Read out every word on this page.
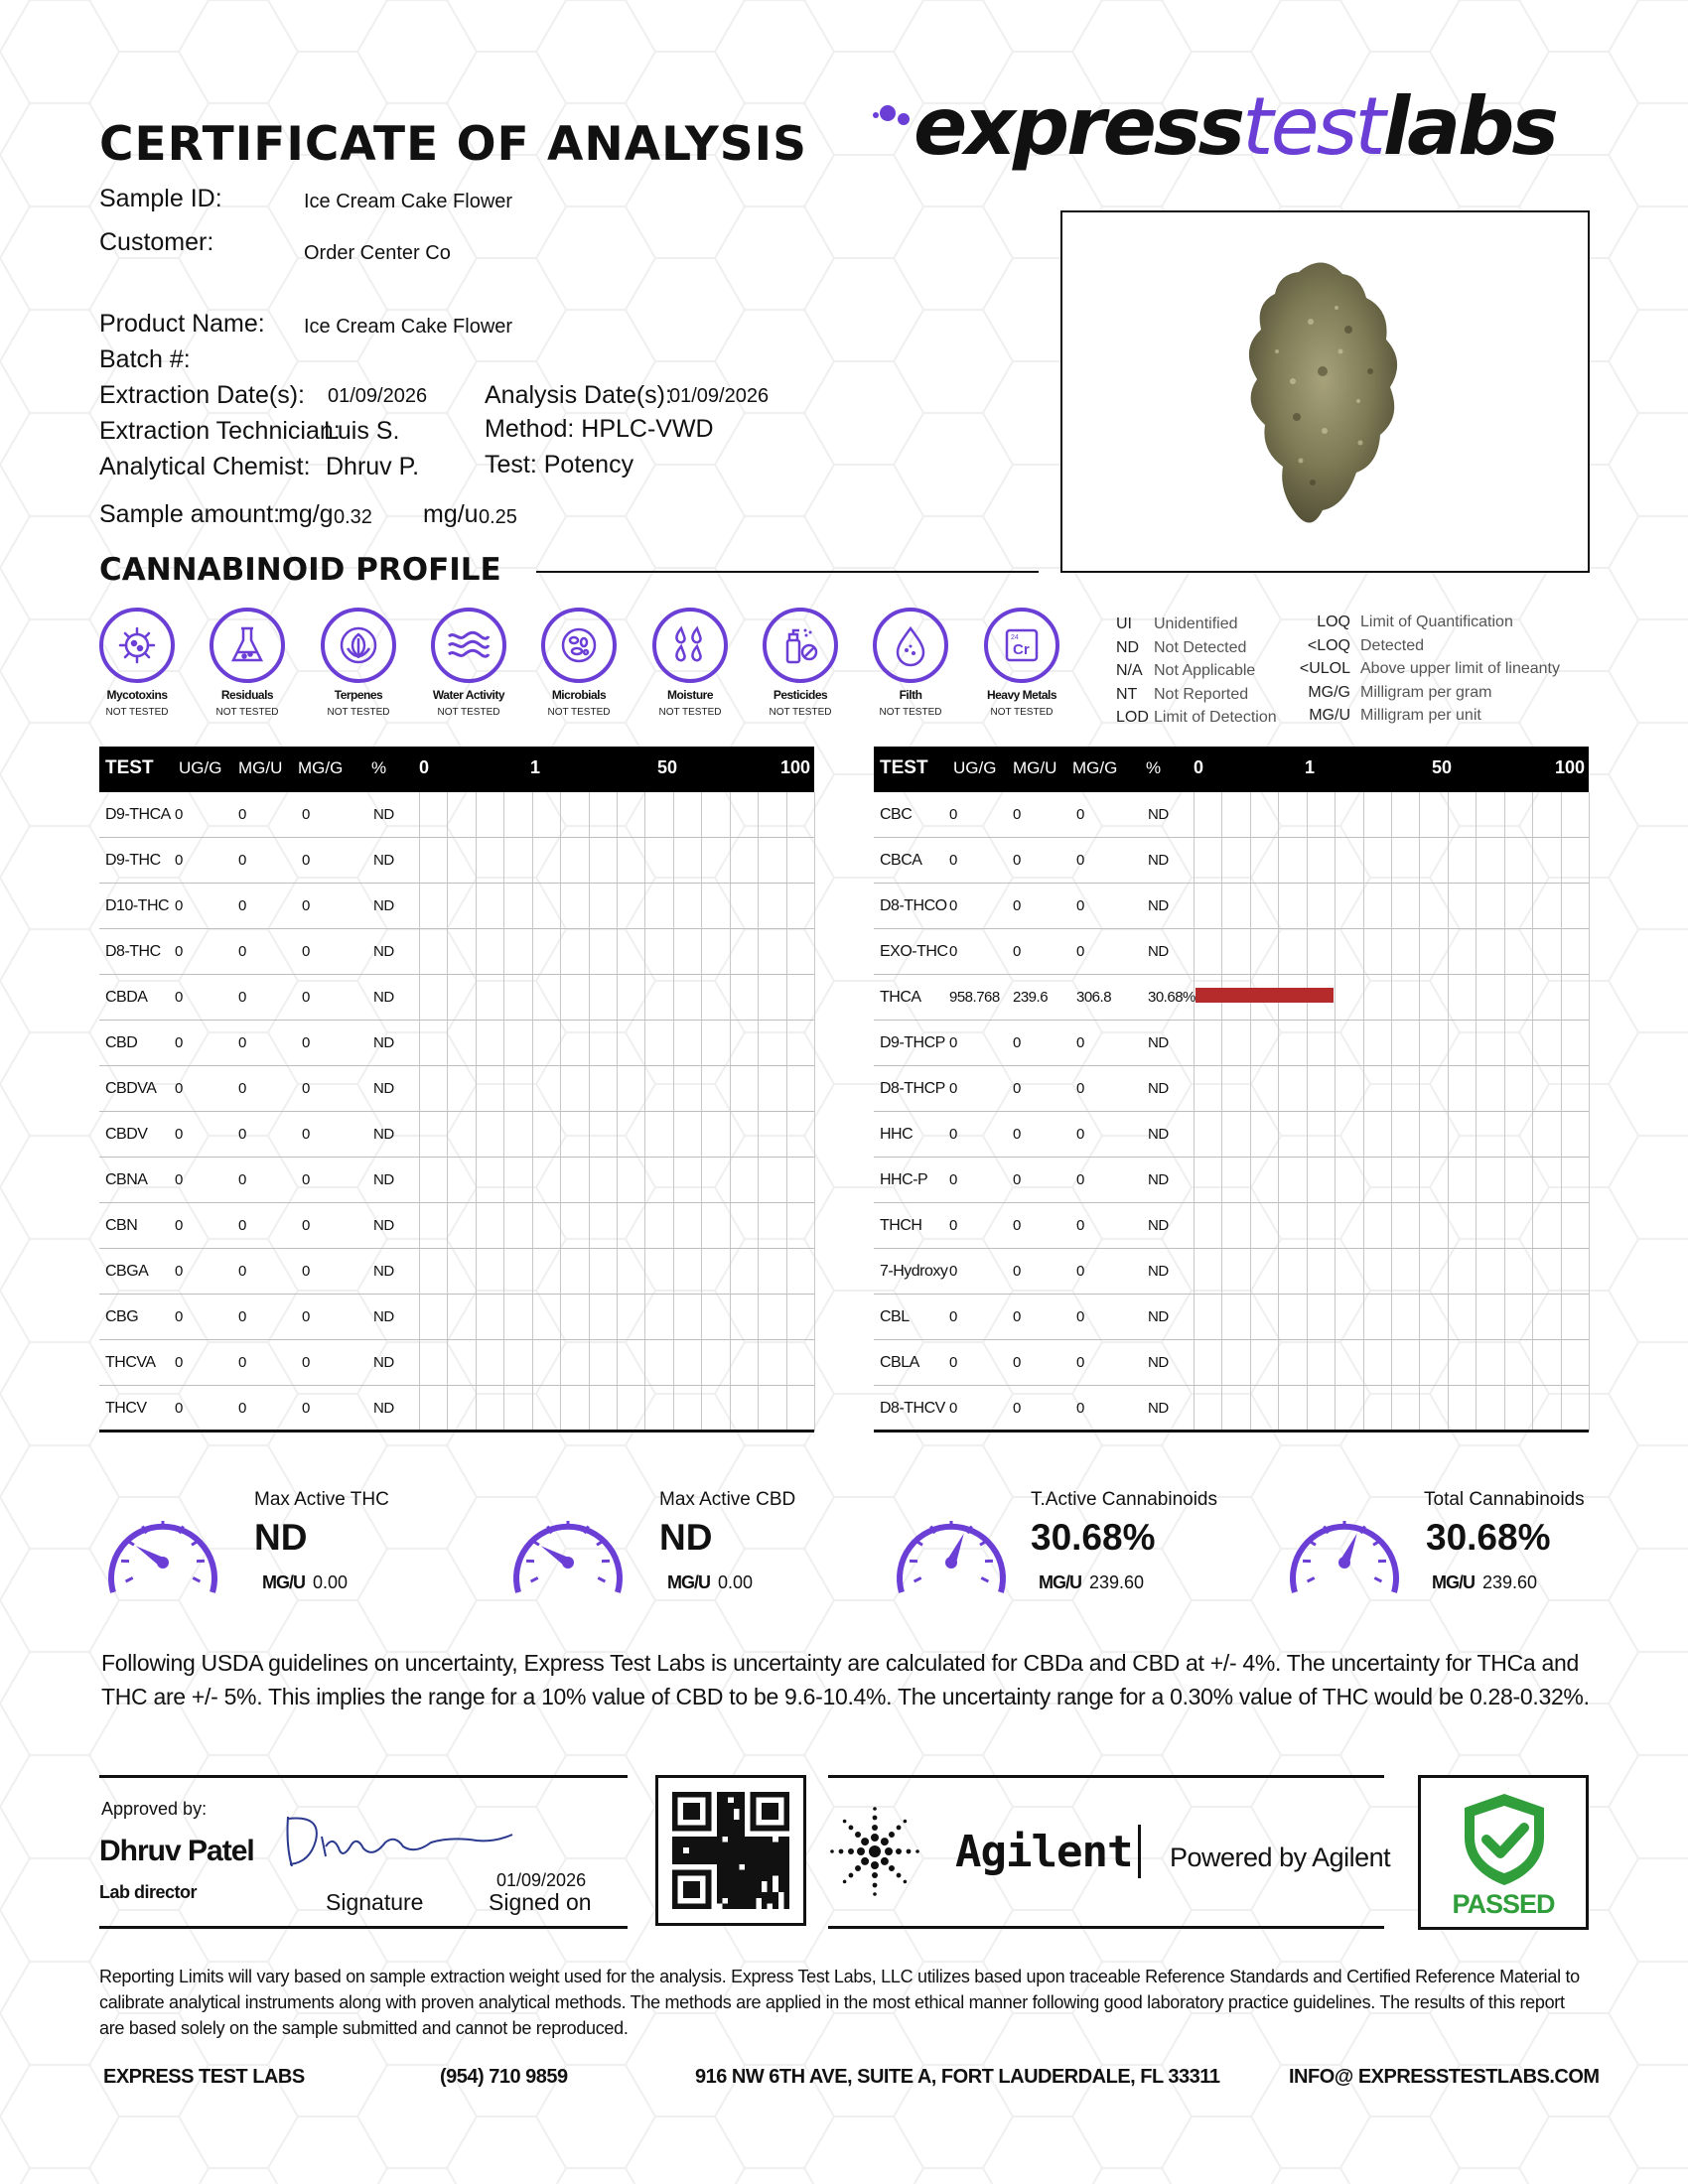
CERTIFICATE OF ANALYSIS expresstestlabs
Sample ID:	Ice Cream Cake Flower
Customer:	Order Center Co
Product Name: Ice Cream Cake Flower
Batch #:
Extraction Date(s): 01/09/2026 Analysis Date(s):
01/09/2026
Extraction Technician:
Luis S.	Method: HPLC-VWD
Analytical Chemist: Dhruv P.	Test: Potency
Sample amount:
mg/g 0.32 mg/u 0.25
CANNABINOID PROFILE
Mycotoxins
NOT TESTED
Residuals
NOT TESTED
Terpenes
NOT TESTED
Water Activity
NOT TESTED
Microbials
NOT TESTED
Moisture
NOT TESTED
Pesticides
NOT TESTED
Filth
NOT TESTED
24
Cr
Heavy Metals
NOT TESTED
UI Unidentified
ND Not Detected
N/A Not Applicable
NT Not Reported
LOD Limit of Detection
LOQ Limit of Quantification
<LOQ Detected
<ULOL Above upper limit of lineanty
MG/G Milligram per gram
MG/U Milligram per unit
TEST UG/G MG/U MG/G % 0	1	50	100
D9-THCA 0	0	0	ND
D9-THC 0	0	0	ND
D10-THC 0	0	0	ND
D8-THC 0	0	0	ND
CBDA 0	0	0	ND
CBD	0	0	0	ND
CBDVA 0	0	0	ND
CBDV 0	0	0	ND
CBNA 0	0	0	ND
CBN	0	0	0	ND
CBGA 0	0	0	ND
CBG 0	0	0	ND
THCVA 0	0	0	ND
THCV 0	0	0	ND
TEST UG/G MG/U MG/G % 0	1	50	100
CBC	0	0	0	ND
CBCA 0	0	0	ND
D8-THCO 0	0	0	ND
EXO-THC 0	0	0	ND
THCA 958.768 239.6 306.8 30.68%
D9-THCP 0	0	0	ND
D8-THCP 0	0	0	ND
HHC 0	0	0	ND
HHC-P 0	0	0	ND
THCH 0	0	0	ND
7-Hydroxy 0	0	0	ND
CBL	0	0	0	ND
CBLA 0	0	0	ND
D8-THCV 0	0	0	ND
Max Active THC
ND
MG/U 0.00
Max Active CBD
ND
MG/U 0.00
T.Active Cannabinoids
30.68%
MG/U 239.60
Total Cannabinoids
30.68%
MG/U 239.60
Following USDA guidelines on uncertainty, Express Test Labs is uncertainty are calculated for CBDa and CBD at +/- 4%. The uncertainty for THCa and THC are +/- 5%. This implies the range for a 10% value of CBD to be 9.6-10.4%. The uncertainty range for a 0.30% value of THC would be 0.28-0.32%.
Approved by:
Dhruv Patel
Lab director	Signature
01/09/2026
Signed on
Agilent Powered by Agilent
PASSED
Reporting Limits will vary based on sample extraction weight used for the analysis. Express Test Labs, LLC utilizes based upon traceable Reference Standards and Certified Reference Material to calibrate analytical instruments along with proven analytical methods. The methods are applied in the most ethical manner following good laboratory practice guidelines. The results of this report are based solely on the sample submitted and cannot be reproduced.
EXPRESS TEST LABS	(954) 710 9859	916 NW 6TH AVE, SUITE A, FORT LAUDERDALE, FL 33311	INFO@ EXPRESSTESTLABS.COM
